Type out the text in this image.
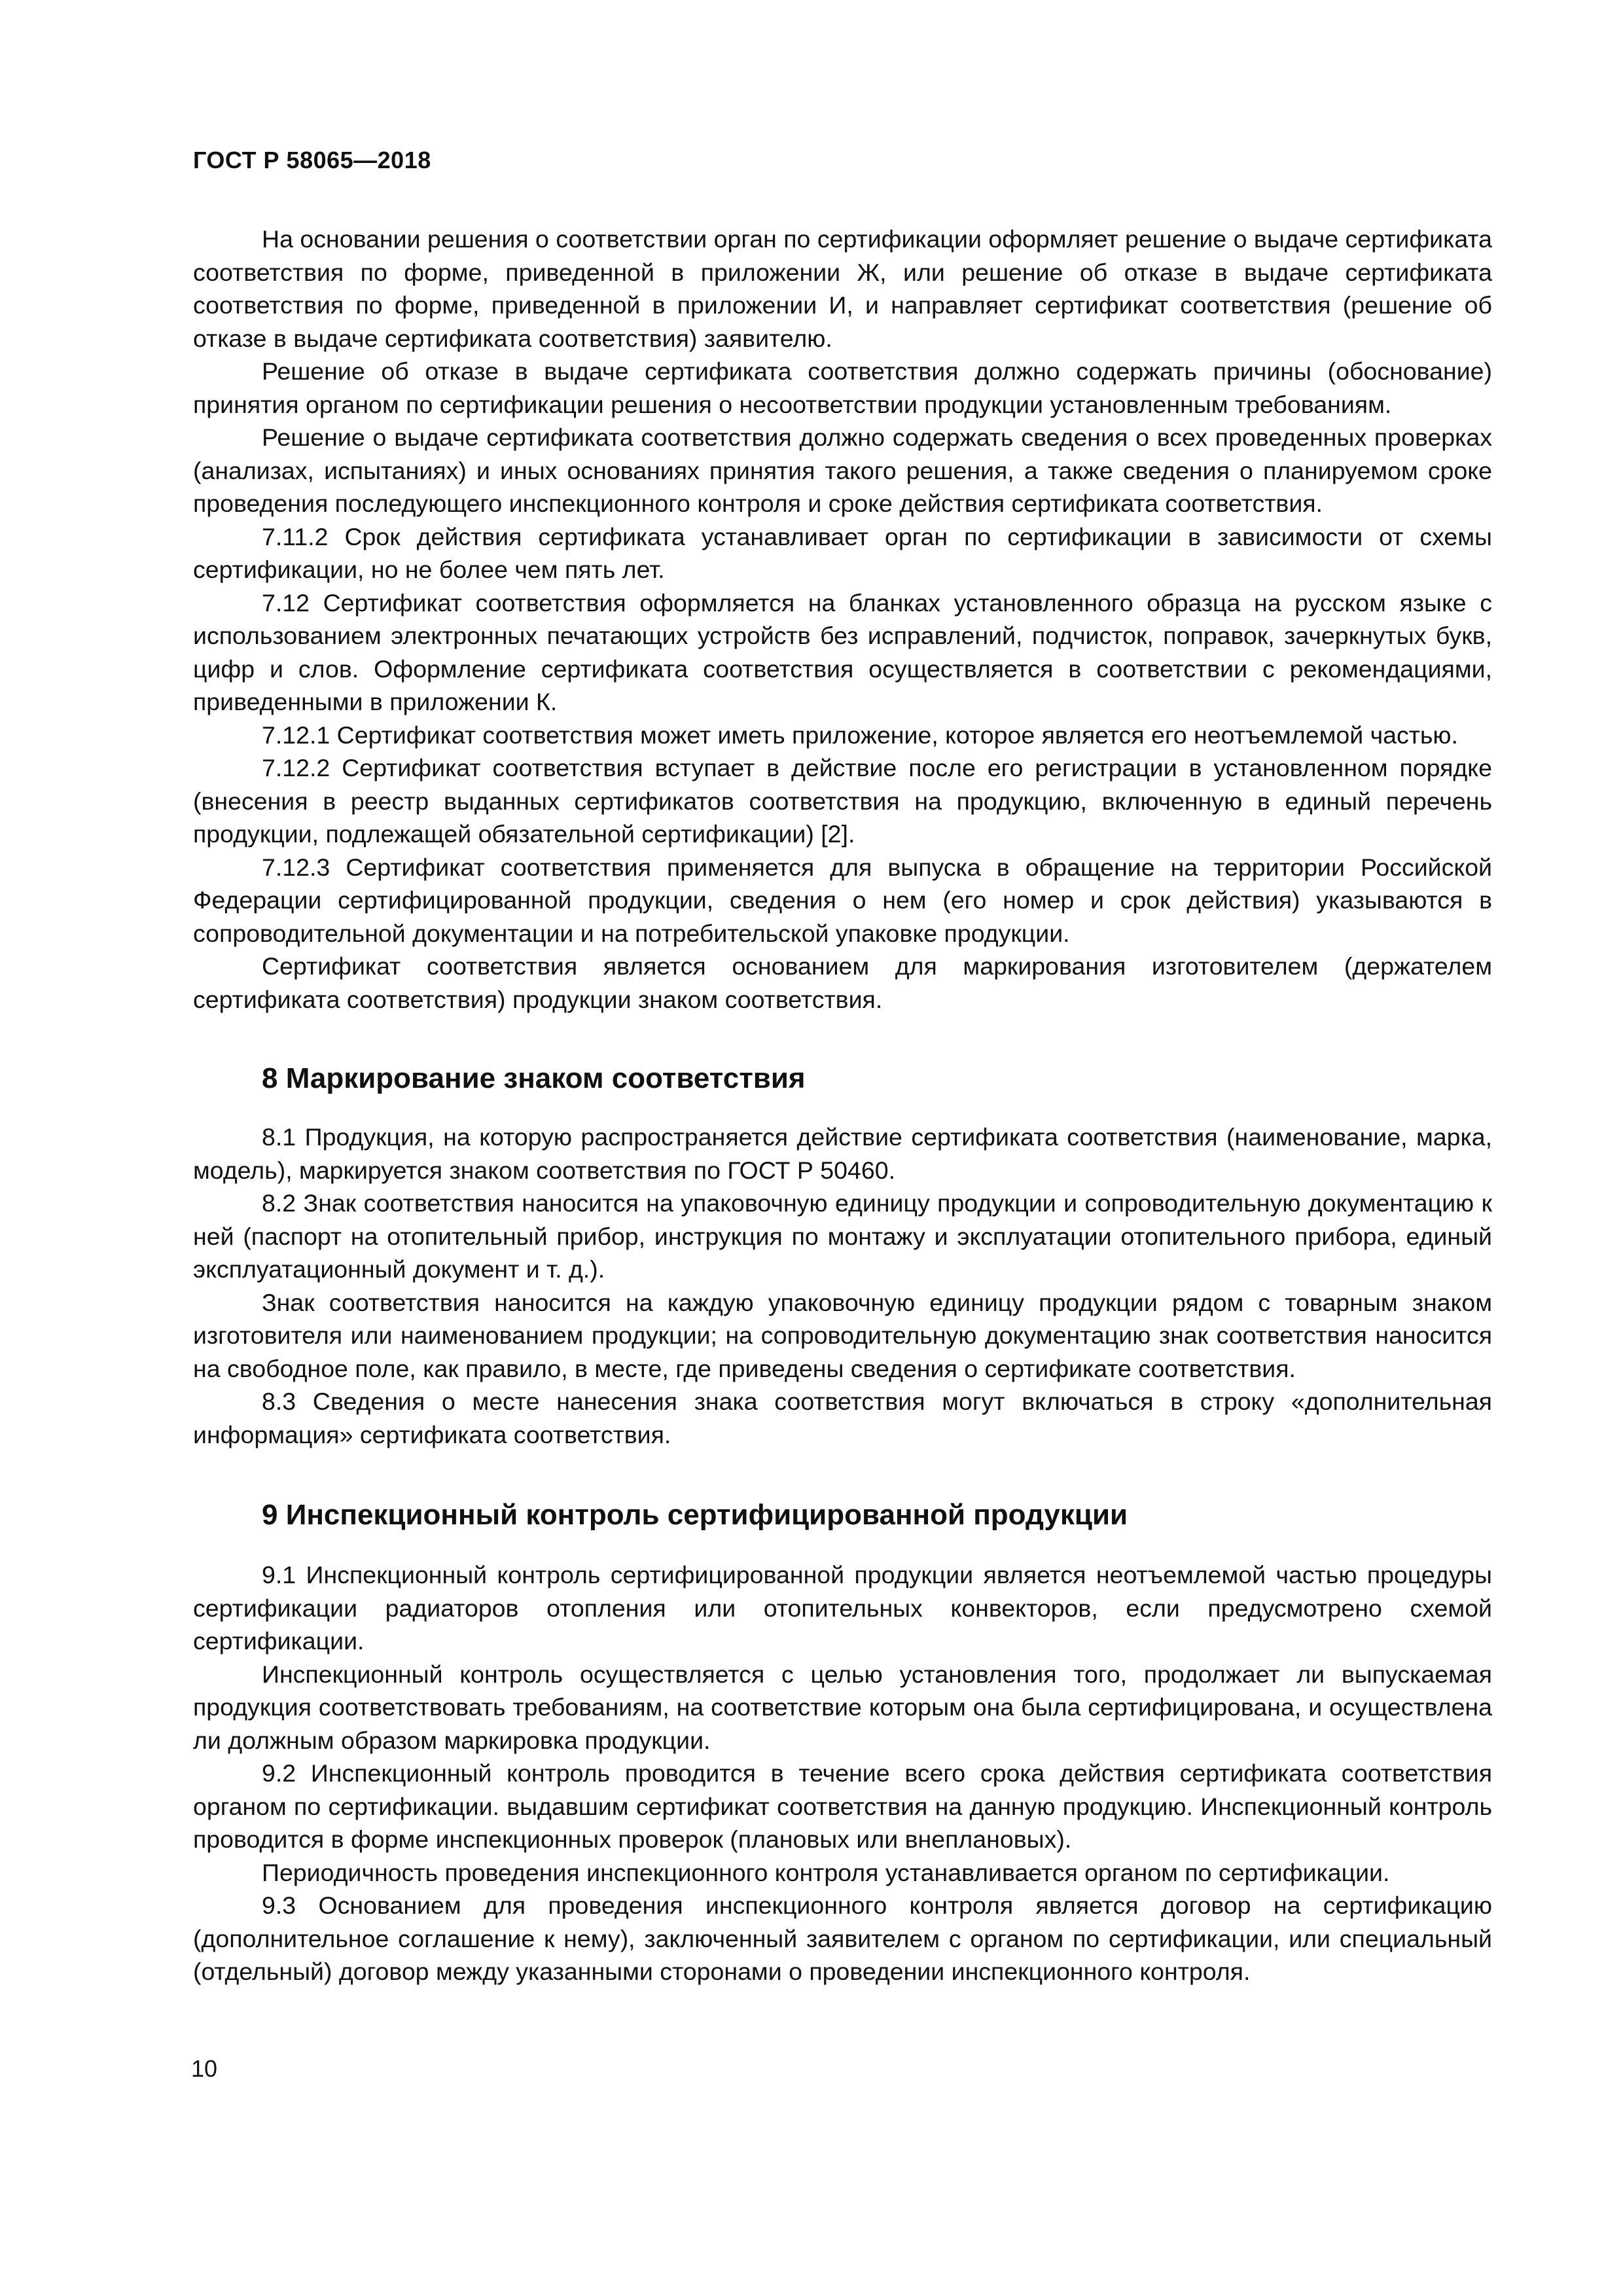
ГОСТ Р 58065—2018

На основании решения о соответствии орган по сертификации оформляет решение о выдаче сертификата соответствия по форме, приведенной в приложении Ж, или решение об отказе в выдаче сертификата соответствия по форме, приведенной в приложении И, и направляет сертификат соответствия (решение об отказе в выдаче сертификата соответствия) заявителю.

Решение об отказе в выдаче сертификата соответствия должно содержать причины (обоснование) принятия органом по сертификации решения о несоответствии продукции установленным требованиям.

Решение о выдаче сертификата соответствия должно содержать сведения о всех проведенных проверках (анализах, испытаниях) и иных основаниях принятия такого решения, а также сведения о планируемом сроке проведения последующего инспекционного контроля и сроке действия сертификата соответствия.

7.11.2 Срок действия сертификата устанавливает орган по сертификации в зависимости от схемы сертификации, но не более чем пять лет.

7.12 Сертификат соответствия оформляется на бланках установленного образца на русском языке с использованием электронных печатающих устройств без исправлений, подчисток, поправок, зачеркнутых букв, цифр и слов. Оформление сертификата соответствия осуществляется в соответствии с рекомендациями, приведенными в приложении К.

7.12.1 Сертификат соответствия может иметь приложение, которое является его неотъемлемой частью.

7.12.2 Сертификат соответствия вступает в действие после его регистрации в установленном порядке (внесения в реестр выданных сертификатов соответствия на продукцию, включенную в единый перечень продукции, подлежащей обязательной сертификации) [2].

7.12.3 Сертификат соответствия применяется для выпуска в обращение на территории Российской Федерации сертифицированной продукции, сведения о нем (его номер и срок действия) указываются в сопроводительной документации и на потребительской упаковке продукции.

Сертификат соответствия является основанием для маркирования изготовителем (держателем сертификата соответствия) продукции знаком соответствия.

8 Маркирование знаком соответствия

8.1 Продукция, на которую распространяется действие сертификата соответствия (наименование, марка, модель), маркируется знаком соответствия по ГОСТ Р 50460.

8.2 Знак соответствия наносится на упаковочную единицу продукции и сопроводительную документацию к ней (паспорт на отопительный прибор, инструкция по монтажу и эксплуатации отопительного прибора, единый эксплуатационный документ и т. д.).

Знак соответствия наносится на каждую упаковочную единицу продукции рядом с товарным знаком изготовителя или наименованием продукции; на сопроводительную документацию знак соответствия наносится на свободное поле, как правило, в месте, где приведены сведения о сертификате соответствия.

8.3 Сведения о месте нанесения знака соответствия могут включаться в строку «дополнительная информация» сертификата соответствия.

9 Инспекционный контроль сертифицированной продукции

9.1 Инспекционный контроль сертифицированной продукции является неотъемлемой частью процедуры сертификации радиаторов отопления или отопительных конвекторов, если предусмотрено схемой сертификации.

Инспекционный контроль осуществляется с целью установления того, продолжает ли выпускаемая продукция соответствовать требованиям, на соответствие которым она была сертифицирована, и осуществлена ли должным образом маркировка продукции.

9.2 Инспекционный контроль проводится в течение всего срока действия сертификата соответствия органом по сертификации. выдавшим сертификат соответствия на данную продукцию. Инспекционный контроль проводится в форме инспекционных проверок (плановых или внеплановых).

Периодичность проведения инспекционного контроля устанавливается органом по сертификации.

9.3 Основанием для проведения инспекционного контроля является договор на сертификацию (дополнительное соглашение к нему), заключенный заявителем с органом по сертификации, или специальный (отдельный) договор между указанными сторонами о проведении инспекционного контроля.

10
